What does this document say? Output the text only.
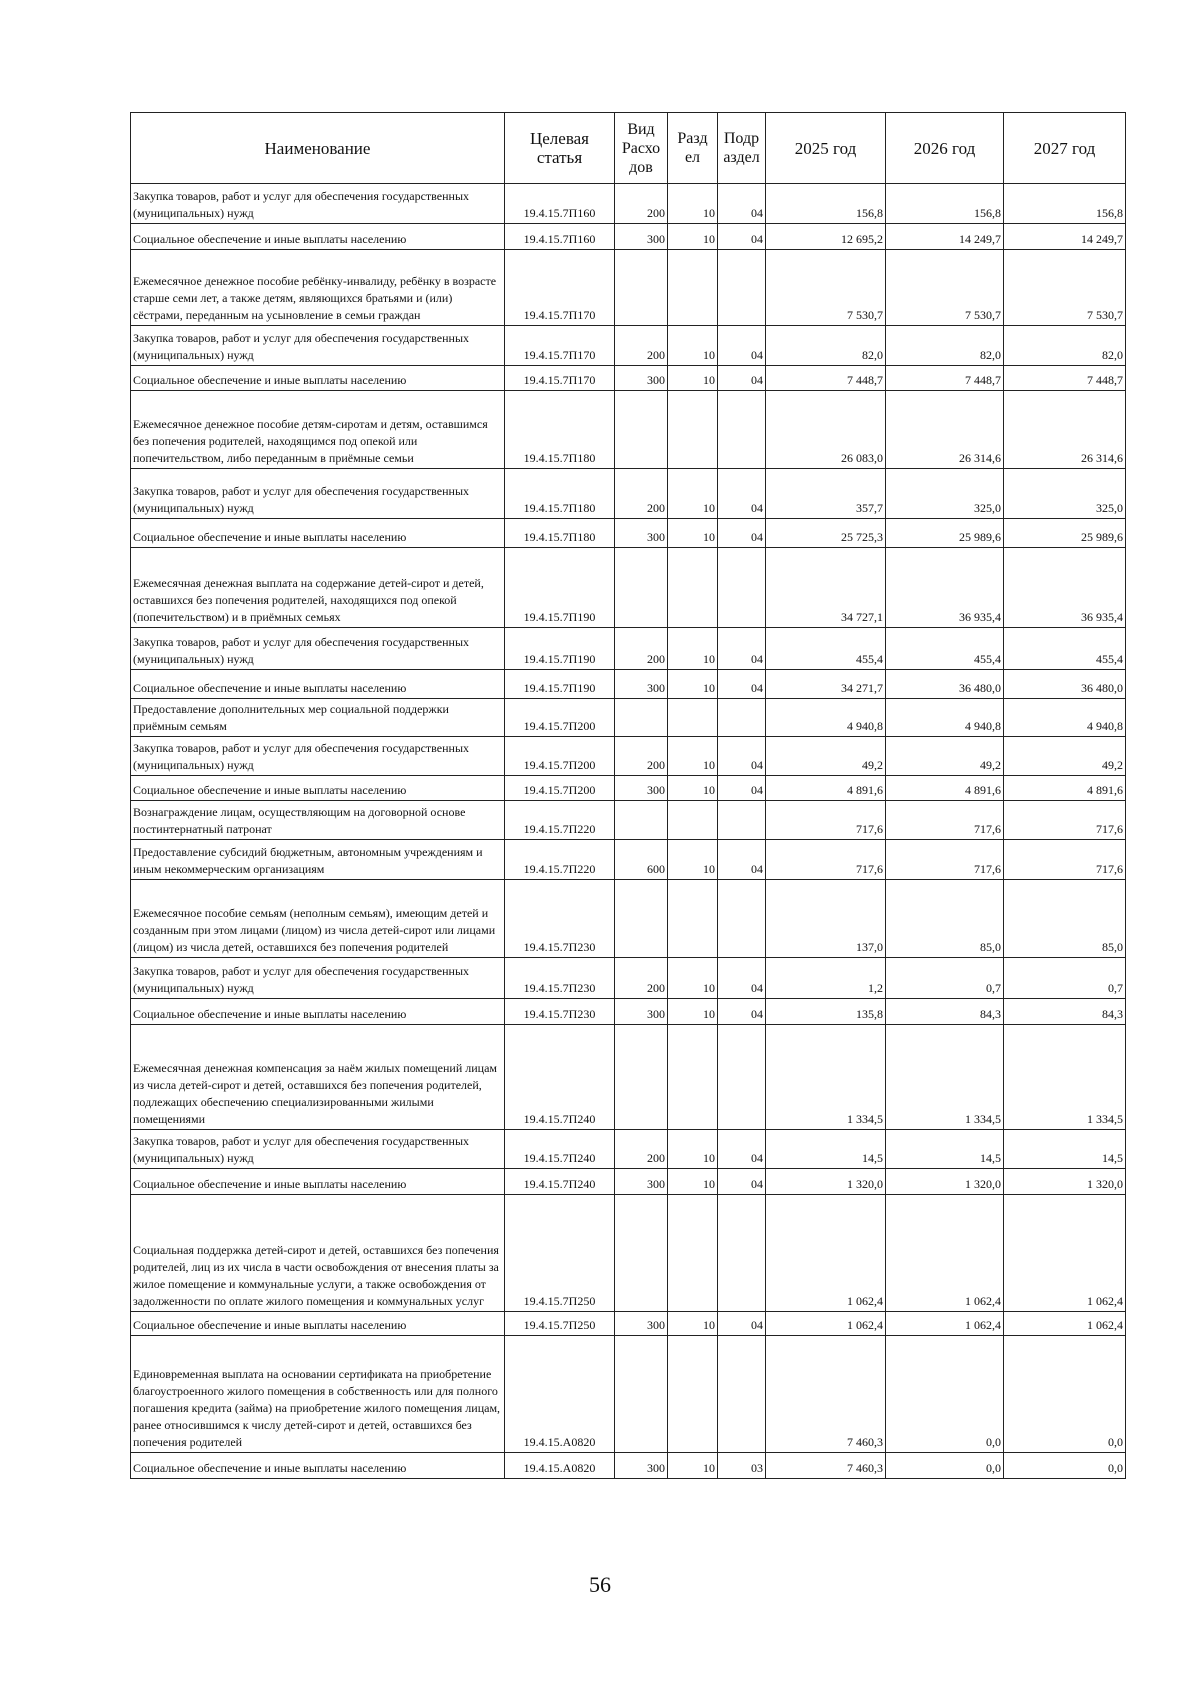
Наименование	Целевая статья	Вид Расхо дов	Разд ел	Подр аздел	2025 год	2026 год	2027 год
Закупка товаров, работ и услуг для обеспечения государственных (муниципальных) нужд	19.4.15.7П160	200	10	04	156,8	156,8	156,8
Социальное обеспечение и иные выплаты населению	19.4.15.7П160	300	10	04	12 695,2	14 249,7	14 249,7
Ежемесячное денежное пособие ребёнку-инвалиду, ребёнку в возрасте старше семи лет, а также детям, являющихся братьями и (или) сёстрами, переданным на усыновление в семьи граждан	19.4.15.7П170				7 530,7	7 530,7	7 530,7
Закупка товаров, работ и услуг для обеспечения государственных (муниципальных) нужд	19.4.15.7П170	200	10	04	82,0	82,0	82,0
Социальное обеспечение и иные выплаты населению	19.4.15.7П170	300	10	04	7 448,7	7 448,7	7 448,7
Ежемесячное денежное пособие детям-сиротам и детям, оставшимся без попечения родителей, находящимся под опекой или попечительством, либо переданным в приёмные семьи	19.4.15.7П180				26 083,0	26 314,6	26 314,6
Закупка товаров, работ и услуг для обеспечения государственных (муниципальных) нужд	19.4.15.7П180	200	10	04	357,7	325,0	325,0
Социальное обеспечение и иные выплаты населению	19.4.15.7П180	300	10	04	25 725,3	25 989,6	25 989,6
Ежемесячная денежная выплата на содержание детей-сирот и детей, оставшихся без попечения родителей, находящихся под опекой (попечительством) и в приёмных семьях	19.4.15.7П190				34 727,1	36 935,4	36 935,4
Закупка товаров, работ и услуг для обеспечения государственных (муниципальных) нужд	19.4.15.7П190	200	10	04	455,4	455,4	455,4
Социальное обеспечение и иные выплаты населению	19.4.15.7П190	300	10	04	34 271,7	36 480,0	36 480,0
Предоставление дополнительных мер социальной поддержки приёмным семьям	19.4.15.7П200				4 940,8	4 940,8	4 940,8
Закупка товаров, работ и услуг для обеспечения государственных (муниципальных) нужд	19.4.15.7П200	200	10	04	49,2	49,2	49,2
Социальное обеспечение и иные выплаты населению	19.4.15.7П200	300	10	04	4 891,6	4 891,6	4 891,6
Вознаграждение лицам, осуществляющим на договорной основе постинтернатный патронат	19.4.15.7П220				717,6	717,6	717,6
Предоставление субсидий бюджетным, автономным учреждениям и иным некоммерческим организациям	19.4.15.7П220	600	10	04	717,6	717,6	717,6
Ежемесячное пособие семьям (неполным семьям), имеющим детей и созданным при этом лицами (лицом) из числа детей-сирот или лицами (лицом) из числа детей, оставшихся без попечения родителей	19.4.15.7П230				137,0	85,0	85,0
Закупка товаров, работ и услуг для обеспечения государственных (муниципальных) нужд	19.4.15.7П230	200	10	04	1,2	0,7	0,7
Социальное обеспечение и иные выплаты населению	19.4.15.7П230	300	10	04	135,8	84,3	84,3
Ежемесячная денежная компенсация за наём жилых помещений лицам из числа детей-сирот и детей, оставшихся без попечения родителей, подлежащих обеспечению специализированными жилыми помещениями	19.4.15.7П240				1 334,5	1 334,5	1 334,5
Закупка товаров, работ и услуг для обеспечения государственных (муниципальных) нужд	19.4.15.7П240	200	10	04	14,5	14,5	14,5
Социальное обеспечение и иные выплаты населению	19.4.15.7П240	300	10	04	1 320,0	1 320,0	1 320,0
Социальная поддержка детей-сирот и детей, оставшихся без попечения родителей, лиц из их числа в части освобождения от внесения платы за жилое помещение и коммунальные услуги, а также освобождения от задолженности по оплате жилого помещения и коммунальных услуг	19.4.15.7П250				1 062,4	1 062,4	1 062,4
Социальное обеспечение и иные выплаты населению	19.4.15.7П250	300	10	04	1 062,4	1 062,4	1 062,4
Единовременная выплата на основании сертификата на приобретение благоустроенного жилого помещения в собственность или для полного погашения кредита (займа) на приобретение жилого помещения лицам, ранее относившимся к числу детей-сирот и детей, оставшихся без попечения родителей	19.4.15.А0820				7 460,3	0,0	0,0
Социальное обеспечение и иные выплаты населению	19.4.15.А0820	300	10	03	7 460,3	0,0	0,0
56
